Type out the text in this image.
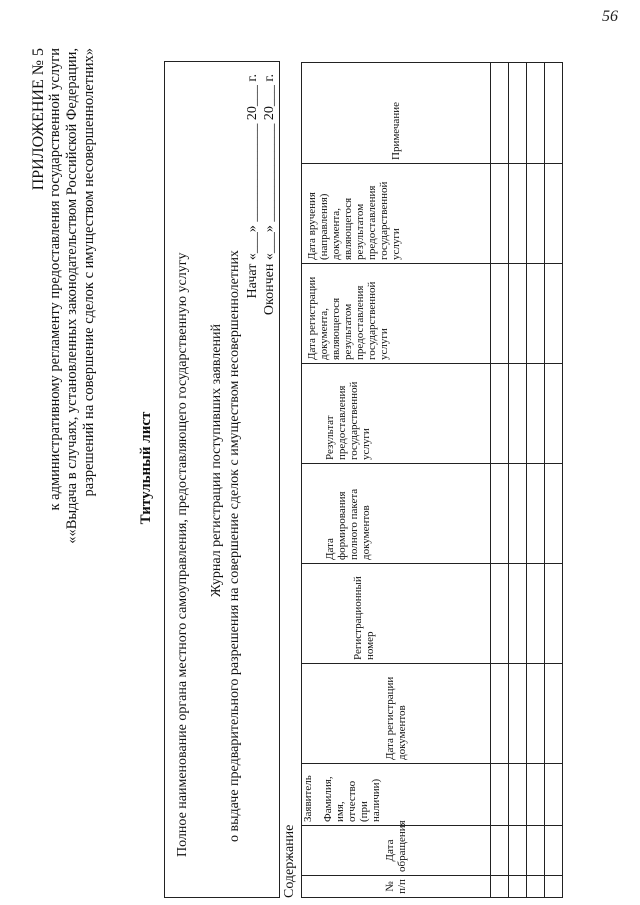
56
ПРИЛОЖЕНИЕ № 5 к административному регламенту предоставления государственной услуги ««Выдача в случаях, установленных законодательством Российской Федерации, разрешений на совершение сделок с имуществом несовершеннолетних»	Титульный лист Полное наименование органа местного самоуправления, предоставляющего государственную услугу Журнал регистрации поступивших заявлений о выдаче предварительного разрешения на совершение сделок с имуществом несовершеннолетних
Начат «___» ______________ 20___ г. Окончен «___» ______________ 20___ г.
Содержание	№ п/п	Дата обращения	Заявитель Фамилия, имя, отчество (при наличии)	Дата регистрации документов	Регистрационный номер	Дата формирования полного пакета документов	Результат предоставления государственной услуги	Дата регистрации документа, являющегося результатом предоставления государственной услуги	Дата вручения (направления) документа, являющегося результатом предоставления государственной услуги	Примечание
